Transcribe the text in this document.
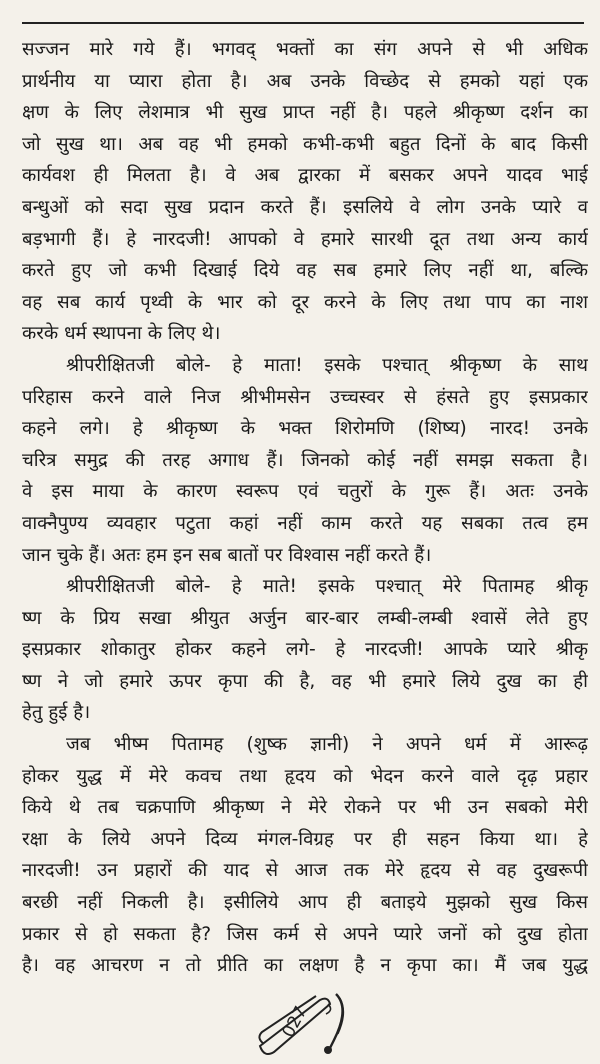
सज्जन मारे गये हैं। भगवद् भक्तों का संग अपने से भी अधिक
प्रार्थनीय या प्यारा होता है। अब उनके विच्छेद से हमको यहां एक
क्षण के लिए लेशमात्र भी सुख प्राप्त नहीं है। पहले श्रीकृष्ण दर्शन का
जो सुख था। अब वह भी हमको कभी-कभी बहुत दिनों के बाद किसी
कार्यवश ही मिलता है। वे अब द्वारका में बसकर अपने यादव भाई
बन्धुओं को सदा सुख प्रदान करते हैं। इसलिये वे लोग उनके प्यारे व
बड़भागी हैं। हे नारदजी! आपको वे हमारे सारथी दूत तथा अन्य कार्य
करते हुए जो कभी दिखाई दिये वह सब हमारे लिए नहीं था, बल्कि
वह सब कार्य पृथ्वी के भार को दूर करने के लिए तथा पाप का नाश
करके धर्म स्थापना के लिए थे।
श्रीपरीक्षितजी बोले- हे माता! इसके पश्चात् श्रीकृष्ण के साथ
परिहास करने वाले निज श्रीभीमसेन उच्चस्वर से हंसते हुए इसप्रकार
कहने लगे। हे श्रीकृष्ण के भक्त शिरोमणि (शिष्य) नारद! उनके
चरित्र समुद्र की तरह अगाध हैं। जिनको कोई नहीं समझ सकता है।
वे इस माया के कारण स्वरूप एवं चतुरों के गुरू हैं। अतः उनके
वाक्नैपुण्य व्यवहार पटुता कहां नहीं काम करते यह सबका तत्व हम
जान चुके हैं। अतः हम इन सब बातों पर विश्वास नहीं करते हैं।
श्रीपरीक्षितजी बोले- हे माते! इसके पश्चात् मेरे पितामह श्रीकृ
ष्ण के प्रिय सखा श्रीयुत अर्जुन बार-बार लम्बी-लम्बी श्वासें लेते हुए
इसप्रकार शोकातुर होकर कहने लगे- हे नारदजी! आपके प्यारे श्रीकृ
ष्ण ने जो हमारे ऊपर कृपा की है, वह भी हमारे लिये दुख का ही
हेतु हुई है।
जब भीष्म पितामह (शुष्क ज्ञानी) ने अपने धर्म में आरूढ़
होकर युद्ध में मेरे कवच तथा हृदय को भेदन करने वाले दृढ़ प्रहार
किये थे तब चक्रपाणि श्रीकृष्ण ने मेरे रोकने पर भी उन सबको मेरी
रक्षा के लिये अपने दिव्य मंगल-विग्रह पर ही सहन किया था। हे
नारदजी! उन प्रहारों की याद से आज तक मेरे हृदय से वह दुखरूपी
बरछी नहीं निकली है। इसीलिये आप ही बताइये मुझको सुख किस
प्रकार से हो सकता है? जिस कर्म से अपने प्यारे जनों को दुख होता
है। वह आचरण न तो प्रीति का लक्षण है न कृपा का। मैं जब युद्ध
027
